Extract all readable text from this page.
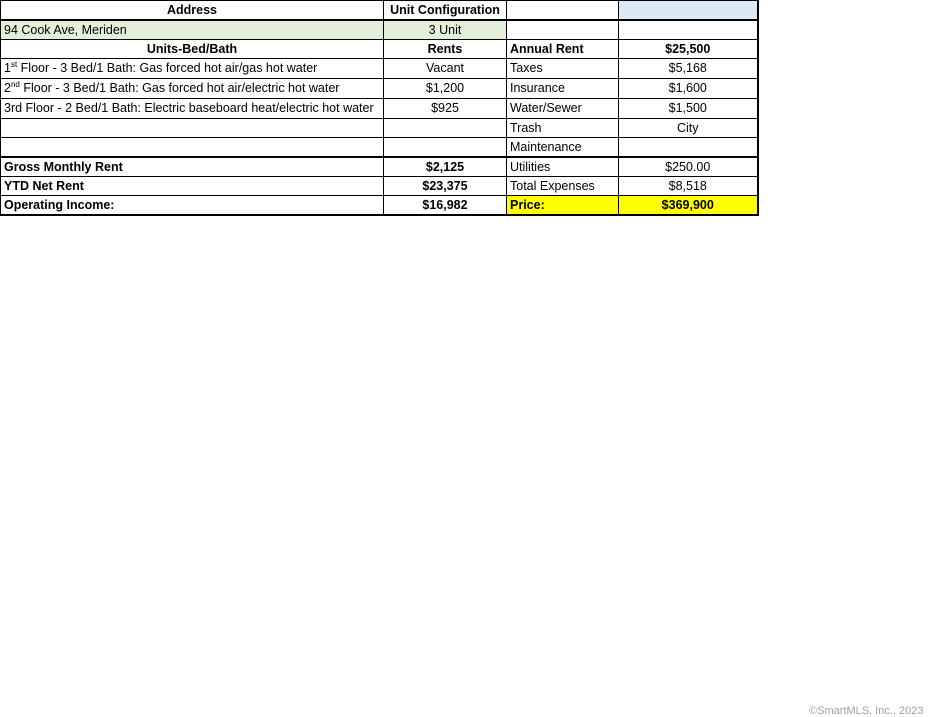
Address	Unit Configuration		
94 Cook Ave, Meriden	3 Unit		
Units-Bed/Bath	Rents	Annual Rent	$25,500
1st Floor - 3 Bed/1 Bath: Gas forced hot air/gas hot water	Vacant	Taxes	$5,168
2nd Floor - 3 Bed/1 Bath: Gas forced hot air/electric hot water	$1,200	Insurance	$1,600
3rd Floor - 2 Bed/1 Bath: Electric baseboard heat/electric hot water	$925	Water/Sewer	$1,500
		Trash	City
		Maintenance	
Gross Monthly Rent	$2,125	Utilities	$250.00
YTD Net Rent	$23,375	Total Expenses	$8,518
Operating Income:	$16,982	Price:	$369,900
©SmartMLS, Inc., 2023
